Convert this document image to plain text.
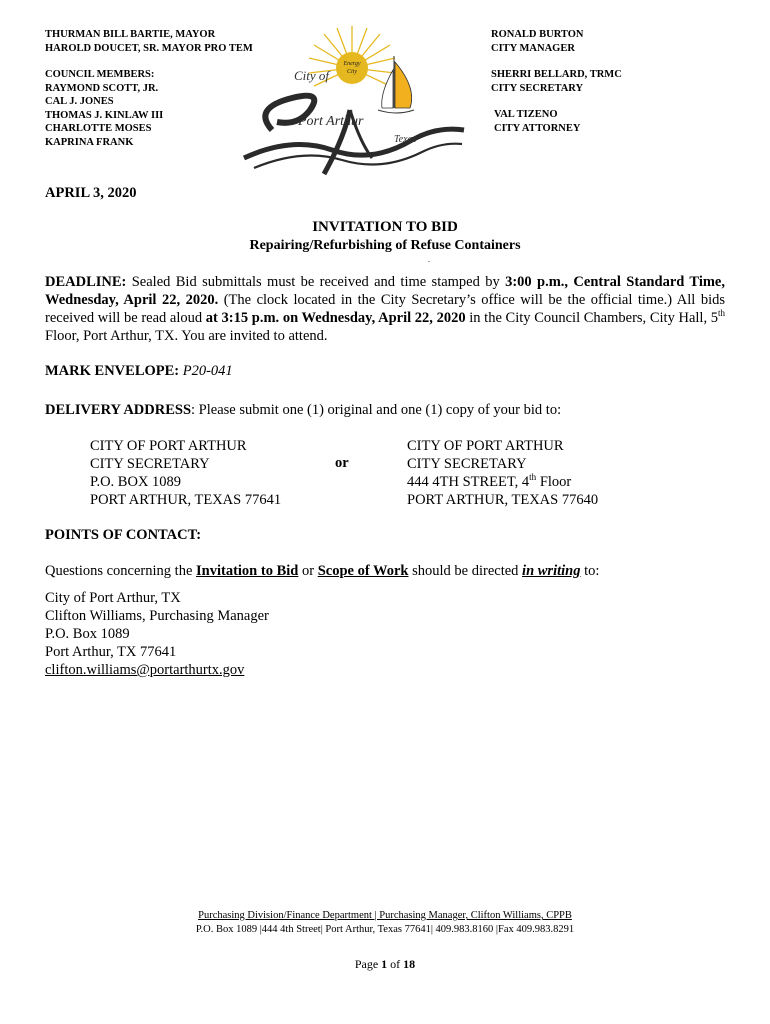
THURMAN BILL BARTIE, MAYOR
HAROLD DOUCET, SR. MAYOR PRO TEM
COUNCIL MEMBERS:
RAYMOND SCOTT, JR.
CAL J. JONES
THOMAS J. KINLAW III
CHARLOTTE MOSES
KAPRINA FRANK
Energy
City
City of
Port Arthur
Texas
RONALD BURTON
CITY MANAGER
SHERRI BELLARD, TRMC
CITY SECRETARY
VAL TIZENO
CITY ATTORNEY
APRIL 3, 2020
INVITATION TO BID
Repairing/Refurbishing of Refuse Containers
.
DEADLINE: Sealed Bid submittals must be received and time stamped by 3:00 p.m., Central Standard Time, Wednesday, April 22, 2020. (The clock located in the City Secretary’s office will be the official time.) All bids received will be read aloud at 3:15 p.m. on Wednesday, April 22, 2020 in the City Council Chambers, City Hall, 5th Floor, Port Arthur, TX. You are invited to attend.
MARK ENVELOPE: P20-041
DELIVERY ADDRESS: Please submit one (1) original and one (1) copy of your bid to:
CITY OF PORT ARTHUR
CITY SECRETARY
P.O. BOX 1089
PORT ARTHUR, TEXAS 77641
or
CITY OF PORT ARTHUR
CITY SECRETARY
444 4TH STREET, 4th Floor
PORT ARTHUR, TEXAS 77640
POINTS OF CONTACT:
Questions concerning the Invitation to Bid or Scope of Work should be directed in writing to:
City of Port Arthur, TX
Clifton Williams, Purchasing Manager
P.O. Box 1089
Port Arthur, TX 77641
clifton.williams@portarthurtx.gov
Purchasing Division/Finance Department | Purchasing Manager, Clifton Williams, CPPB
P.O. Box 1089 |444 4th Street| Port Arthur, Texas 77641| 409.983.8160 |Fax 409.983.8291
Page 1 of 18
